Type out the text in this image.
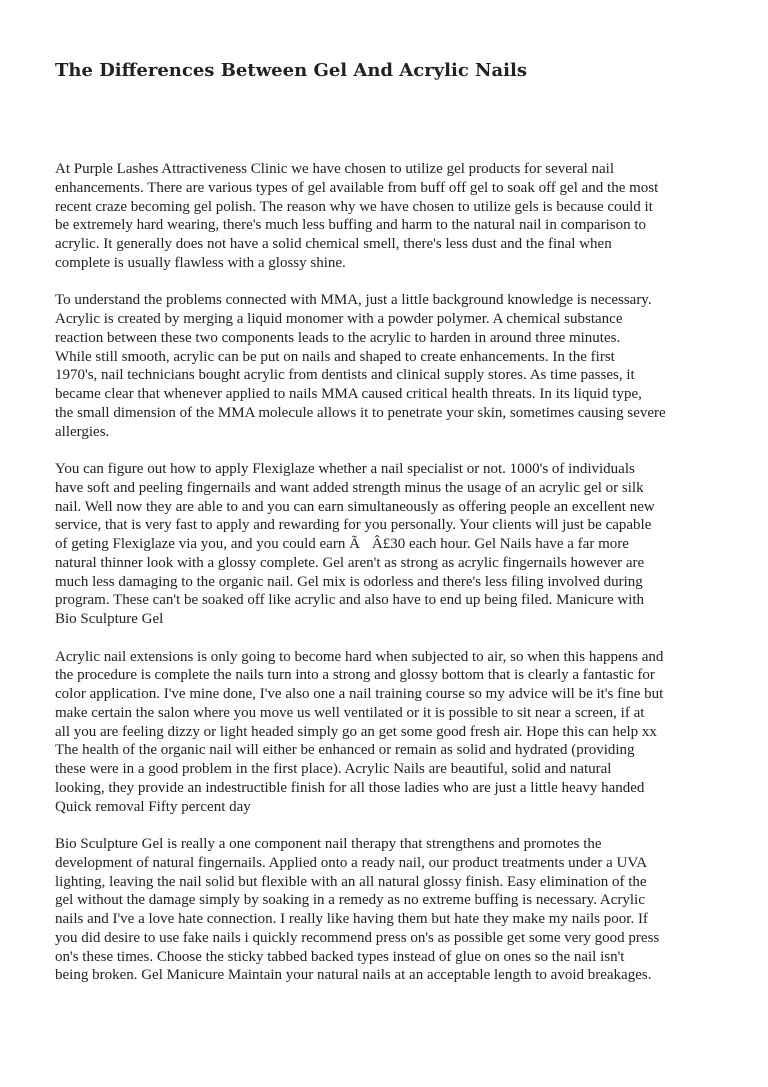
The Differences Between Gel And Acrylic Nails

At Purple Lashes Attractiveness Clinic we have chosen to utilize gel products for several nail
enhancements. There are various types of gel available from buff off gel to soak off gel and the most
recent craze becoming gel polish. The reason why we have chosen to utilize gels is because could it
be extremely hard wearing, there's much less buffing and harm to the natural nail in comparison to
acrylic. It generally does not have a solid chemical smell, there's less dust and the final when
complete is usually flawless with a glossy shine.

To understand the problems connected with MMA, just a little background knowledge is necessary.
Acrylic is created by merging a liquid monomer with a powder polymer. A chemical substance
reaction between these two components leads to the acrylic to harden in around three minutes.
While still smooth, acrylic can be put on nails and shaped to create enhancements. In the first
1970's, nail technicians bought acrylic from dentists and clinical supply stores. As time passes, it
became clear that whenever applied to nails MMA caused critical health threats. In its liquid type,
the small dimension of the MMA molecule allows it to penetrate your skin, sometimes causing severe
allergies.

You can figure out how to apply Flexiglaze whether a nail specialist or not. 1000's of individuals
have soft and peeling fingernails and want added strength minus the usage of an acrylic gel or silk
nail. Well now they are able to and you can earn simultaneously as offering people an excellent new
service, that is very fast to apply and rewarding for you personally. Your clients will just be capable
of geting Flexiglaze via you, and you could earn ÃÂ£30 each hour. Gel Nails have a far more
natural thinner look with a glossy complete. Gel aren't as strong as acrylic fingernails however are
much less damaging to the organic nail. Gel mix is odorless and there's less filing involved during
program. These can't be soaked off like acrylic and also have to end up being filed. Manicure with
Bio Sculpture Gel

Acrylic nail extensions is only going to become hard when subjected to air, so when this happens and
the procedure is complete the nails turn into a strong and glossy bottom that is clearly a fantastic for
color application. I've mine done, I've also one a nail training course so my advice will be it's fine but
make certain the salon where you move us well ventilated or it is possible to sit near a screen, if at
all you are feeling dizzy or light headed simply go an get some good fresh air. Hope this can help xx
The health of the organic nail will either be enhanced or remain as solid and hydrated (providing
these were in a good problem in the first place). Acrylic Nails are beautiful, solid and natural
looking, they provide an indestructible finish for all those ladies who are just a little heavy handed
Quick removal Fifty percent day

Bio Sculpture Gel is really a one component nail therapy that strengthens and promotes the
development of natural fingernails. Applied onto a ready nail, our product treatments under a UVA
lighting, leaving the nail solid but flexible with an all natural glossy finish. Easy elimination of the
gel without the damage simply by soaking in a remedy as no extreme buffing is necessary. Acrylic
nails and I've a love hate connection. I really like having them but hate they make my nails poor. If
you did desire to use fake nails i quickly recommend press on's as possible get some very good press
on's these times. Choose the sticky tabbed backed types instead of glue on ones so the nail isn't
being broken. Gel Manicure Maintain your natural nails at an acceptable length to avoid breakages.
